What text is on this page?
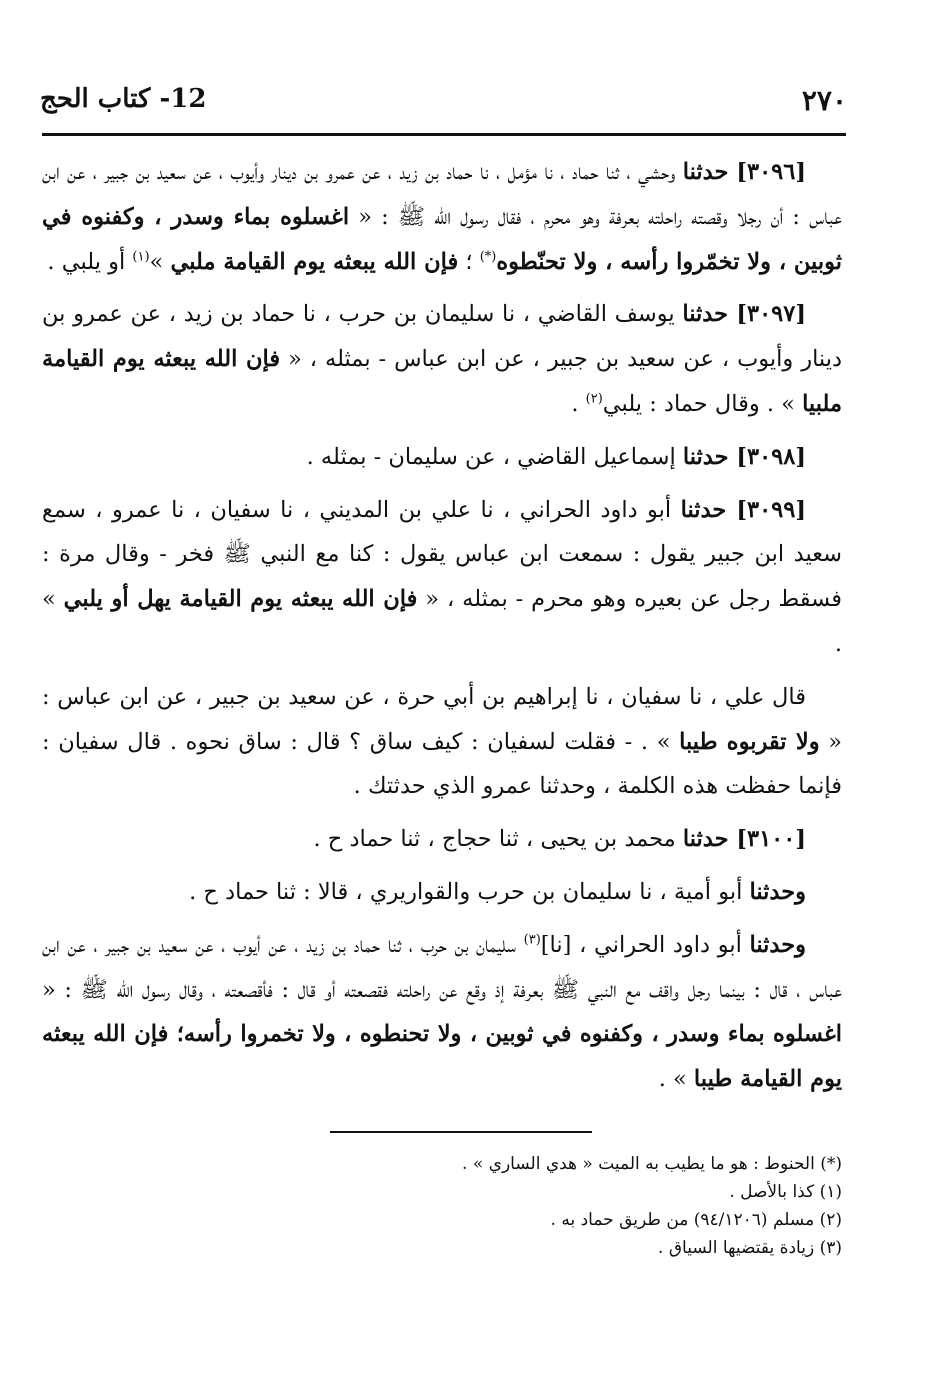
٢٧٠
12- كتاب الحج

[٣٠٩٦] حدثنا وحشي ، ثنا حماد ، نا مؤمل ، نا حماد بن زيد ، عن عمرو بن دينار وأيوب ، عن سعيد بن جبير ، عن ابن عباس : أن رجلا وقصته راحلته بعرفة وهو محرم ، فقال رسول الله ﷺ : « اغسلوه بماء وسدر ، وكفنوه في ثوبين ، ولا تخمّروا رأسه ، ولا تحنّطوه(*) ؛ فإن الله يبعثه يوم القيامة ملبي »$^{(١)}$ أو يلبي .

[٣٠٩٧] حدثنا يوسف القاضي ، نا سليمان بن حرب ، نا حماد بن زيد ، عن عمرو بن دينار وأيوب ، عن سعيد بن جبير ، عن ابن عباس - بمثله ، « فإن الله يبعثه يوم القيامة ملبيا » . وقال حماد : يلبي$^{(٢)}$ .

[٣٠٩٨] حدثنا إسماعيل القاضي ، عن سليمان - بمثله .

[٣٠٩٩] حدثنا أبو داود الحراني ، نا علي بن المديني ، نا سفيان ، نا عمرو ، سمع سعيد ابن جبير يقول : سمعت ابن عباس يقول : كنا مع النبي ﷺ فخر - وقال مرة : فسقط رجل عن بعيره وهو محرم - بمثله ، « فإن الله يبعثه يوم القيامة يهل أو يلبي » .

قال علي ، نا سفيان ، نا إبراهيم بن أبي حرة ، عن سعيد بن جبير ، عن ابن عباس : « ولا تقربوه طيبا » . - فقلت لسفيان : كيف ساق ؟ قال : ساق نحوه . قال سفيان : فإنما حفظت هذه الكلمة ، وحدثنا عمرو الذي حدثتك .

[٣١٠٠] حدثنا محمد بن يحيى ، ثنا حجاج ، ثنا حماد ح .

وحدثنا أبو أمية ، نا سليمان بن حرب والقواريري ، قالا : ثنا حماد ح .

وحدثنا أبو داود الحراني ، [نا]$^{(٣)}$ سليمان بن حرب ، ثنا حماد بن زيد ، عن أيوب ، عن سعيد بن جبير ، عن ابن عباس ، قال : بينما رجل واقف مع النبي ﷺ بعرفة إذ وقع عن راحلته فقصعته أو قال : فأقصعته ، وقال رسول الله ﷺ : « اغسلوه بماء وسدر ، وكفنوه في ثوبين ، ولا تحنطوه ، ولا تخمروا رأسه؛ فإن الله يبعثه يوم القيامة طيبا » .

(*) الحنوط : هو ما يطيب به الميت « هدي الساري » .

(١) كذا بالأصل .

(٢) مسلم (٩٤/١٢٠٦) من طريق حماد به .

(٣) زيادة يقتضيها السياق .
